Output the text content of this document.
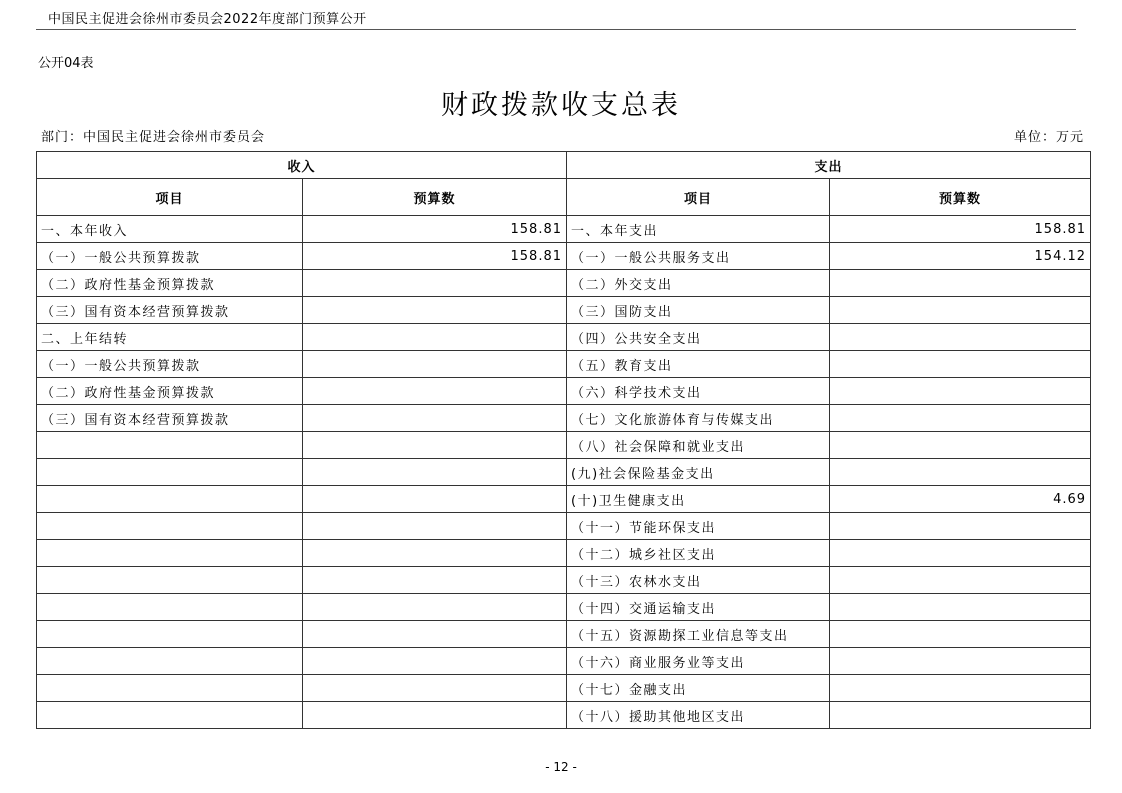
中国民主促进会徐州市委员会2022年度部门预算公开
公开04表
财政拨款收支总表
部门：中国民主促进会徐州市委员会	单位：万元
收入		支出	
项目	预算数	项目	预算数
一、本年收入	158.81	一、本年支出	158.81
（一）一般公共预算拨款	158.81	（一）一般公共服务支出	154.12
（二）政府性基金预算拨款		（二）外交支出	
（三）国有资本经营预算拨款		（三）国防支出	
二、上年结转		（四）公共安全支出	
（一）一般公共预算拨款		（五）教育支出	
（二）政府性基金预算拨款		（六）科学技术支出	
（三）国有资本经营预算拨款		（七）文化旅游体育与传媒支出	
		（八）社会保障和就业支出	
		(九)社会保险基金支出	
		(十)卫生健康支出	4.69
		（十一）节能环保支出	
		（十二）城乡社区支出	
		（十三）农林水支出	
		（十四）交通运输支出	
		（十五）资源勘探工业信息等支出	
		（十六）商业服务业等支出	
		（十七）金融支出	
		（十八）援助其他地区支出	
- 12 -
